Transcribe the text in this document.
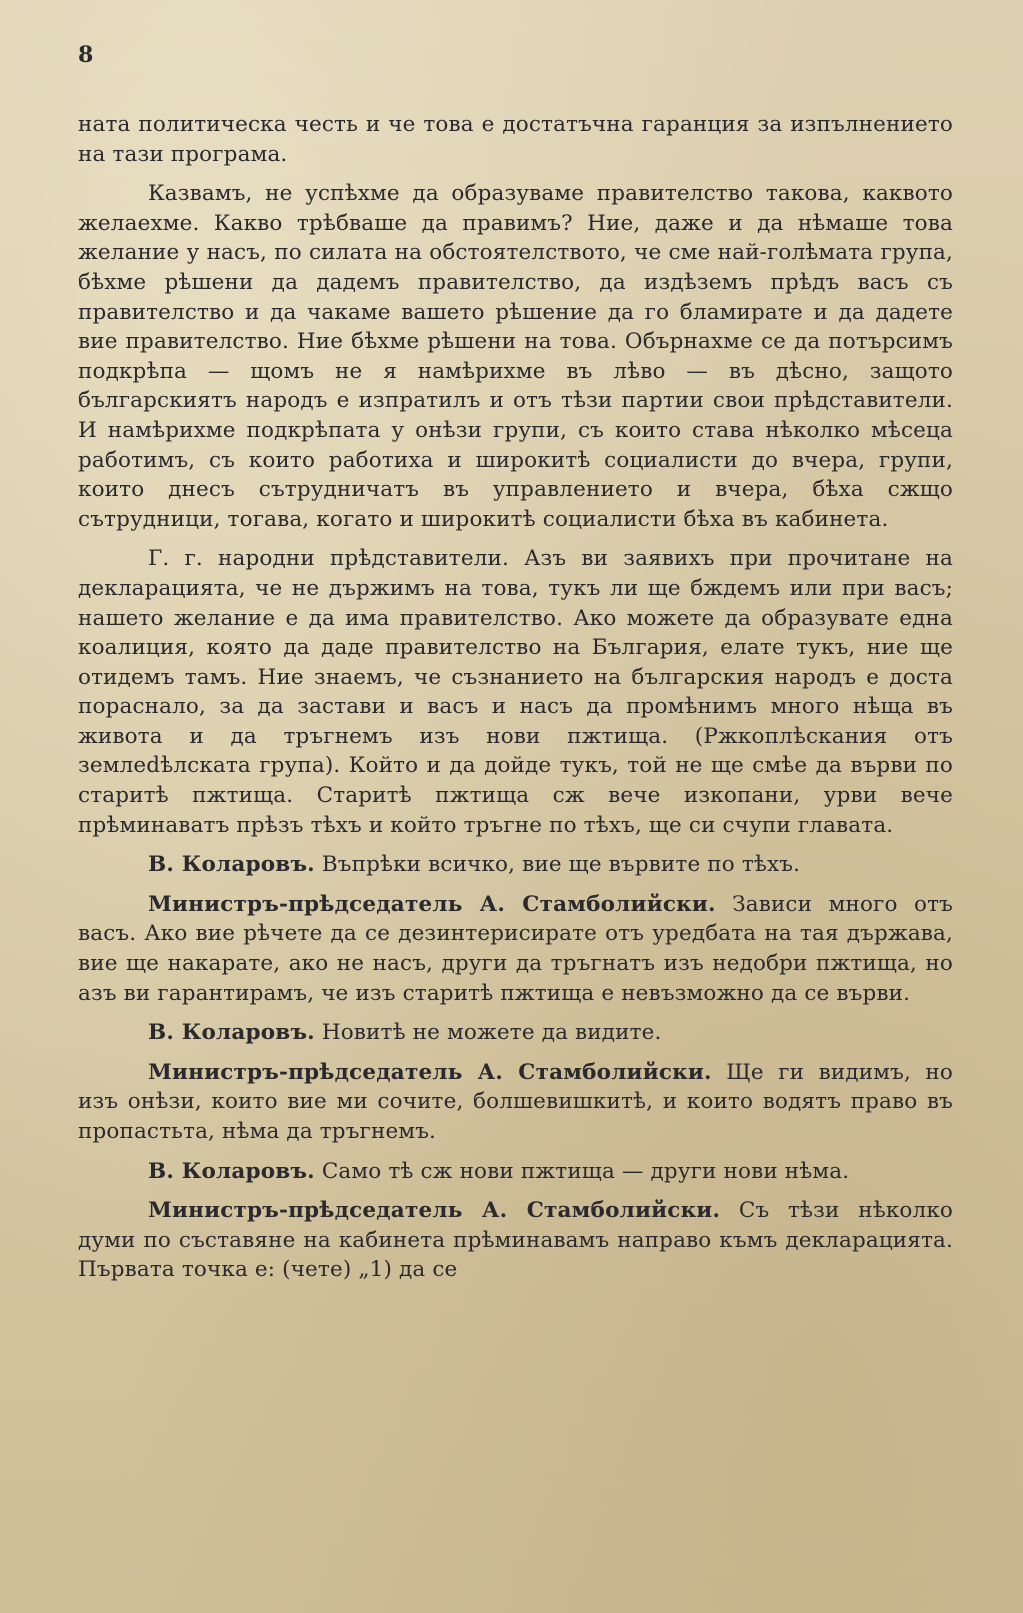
8

ната политическа честь и че това е достатъчна гаранция за изпълнението на тази програма.

Казвамъ, не успѣхме да образуваме правителство такова, каквото желаехме. Какво трѣбваше да правимъ? Ние, даже и да нѣмаше това желание у насъ, по силата на обстоятелството, че сме най-голѣмата група, бѣхме рѣшени да дадемъ правителство, да издѣземъ прѣдъ васъ съ правителство и да чакаме вашето рѣшение да го бламирате и да дадете вие правителство. Ние бѣхме рѣшени на това. Обърнахме се да потърсимъ подкрѣпа — щомъ не я намѣрихме въ лѣво — въ дѣсно, защото българскиятъ народъ е изпратилъ и отъ тѣзи партии свои прѣдставители. И намѣрихме подкрѣпата у онѣзи групи, съ които става нѣколко мѣсеца работимъ, съ които работиха и широкитѣ социалисти до вчера, групи, които днесъ сътрудничатъ въ управлението и вчера, бѣха сжщо сътрудници, тогава, когато и широкитѣ социалисти бѣха въ кабинета.

Г. г. народни прѣдставители. Азъ ви заявихъ при прочитане на декларацията, че не държимъ на това, тукъ ли ще бждемъ или при васъ; нашето желание е да има правителство. Ако можете да образувате една коалиция, която да даде правителство на България, елате тукъ, ние ще отидемъ тамъ. Ние знаемъ, че съзнанието на българския народъ е доста порасналo, за да застави и васъ и насъ да промѣнимъ много нѣща въ живота и да тръгнемъ изъ нови пжтища. (Ржкоплѣскания отъ землedѣлската група). Който и да дойде тукъ, той не ще смѣе да върви по старитѣ пжтища. Старитѣ пжтища сж вече изкопани, урви вече прѣминаватъ прѣзъ тѣхъ и който тръгне по тѣхъ, ще си счупи главата.

В. Коларовъ. Въпрѣки всичко, вие ще вървите по тѣхъ.

Министръ-прѣдседатель А. Стамболийски. Зависи много отъ васъ. Ако вие рѣчете да се дезинтерисирате отъ уредбата на тая държава, вие ще накарате, ако не насъ, други да тръгнатъ изъ недобри пжтища, но азъ ви гарантирамъ, че изъ старитѣ пжтища е невъзможно да се върви.

В. Коларовъ. Новитѣ не можете да видите.

Министръ-прѣдседатель А. Стамболийски. Ще ги видимъ, но изъ онѣзи, които вие ми сочите, болшевишкитѣ, и които водятъ право въ пропастьта, нѣма да тръгнемъ.

В. Коларовъ. Само тѣ сж нови пжтища — други нови нѣма.

Министръ-прѣдседатель А. Стамболийски. Съ тѣзи нѣколко думи по съставяне на кабинета прѣминавамъ направо къмъ декларацията. Първата точка е: (чете) „1) да се
